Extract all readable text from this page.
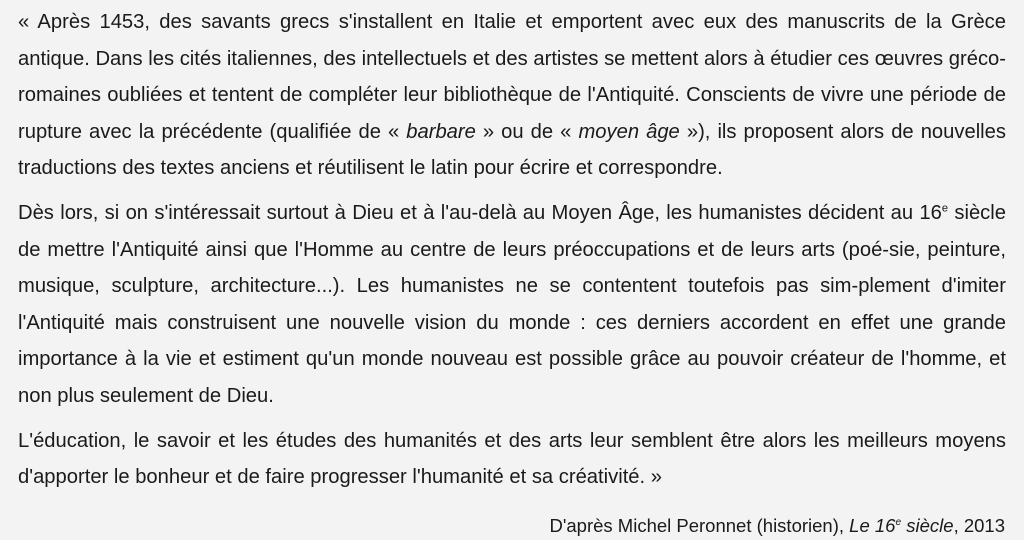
« Après 1453, des savants grecs s'installent en Italie et emportent avec eux des manuscrits de la Grèce antique. Dans les cités italiennes, des intellectuels et des artistes se mettent alors à étudier ces œuvres gréco-romaines oubliées et tentent de compléter leur bibliothèque de l'Antiquité. Conscients de vivre une période de rupture avec la précédente (qualifiée de « barbare » ou de « moyen âge »), ils proposent alors de nouvelles traductions des textes anciens et réutilisent le latin pour écrire et correspondre.

Dès lors, si on s'intéressait surtout à Dieu et à l'au-delà au Moyen Âge, les humanistes décident au 16e siècle de mettre l'Antiquité ainsi que l'Homme au centre de leurs préoccupations et de leurs arts (poé-sie, peinture, musique, sculpture, architecture...). Les humanistes ne se contentent toutefois pas sim-plement d'imiter l'Antiquité mais construisent une nouvelle vision du monde : ces derniers accordent en effet une grande importance à la vie et estiment qu'un monde nouveau est possible grâce au pouvoir créateur de l'homme, et non plus seulement de Dieu.

L'éducation, le savoir et les études des humanités et des arts leur semblent être alors les meilleurs moyens d'apporter le bonheur et de faire progresser l'humanité et sa créativité. »

D'après Michel Peronnet (historien), Le 16e siècle, 2013
